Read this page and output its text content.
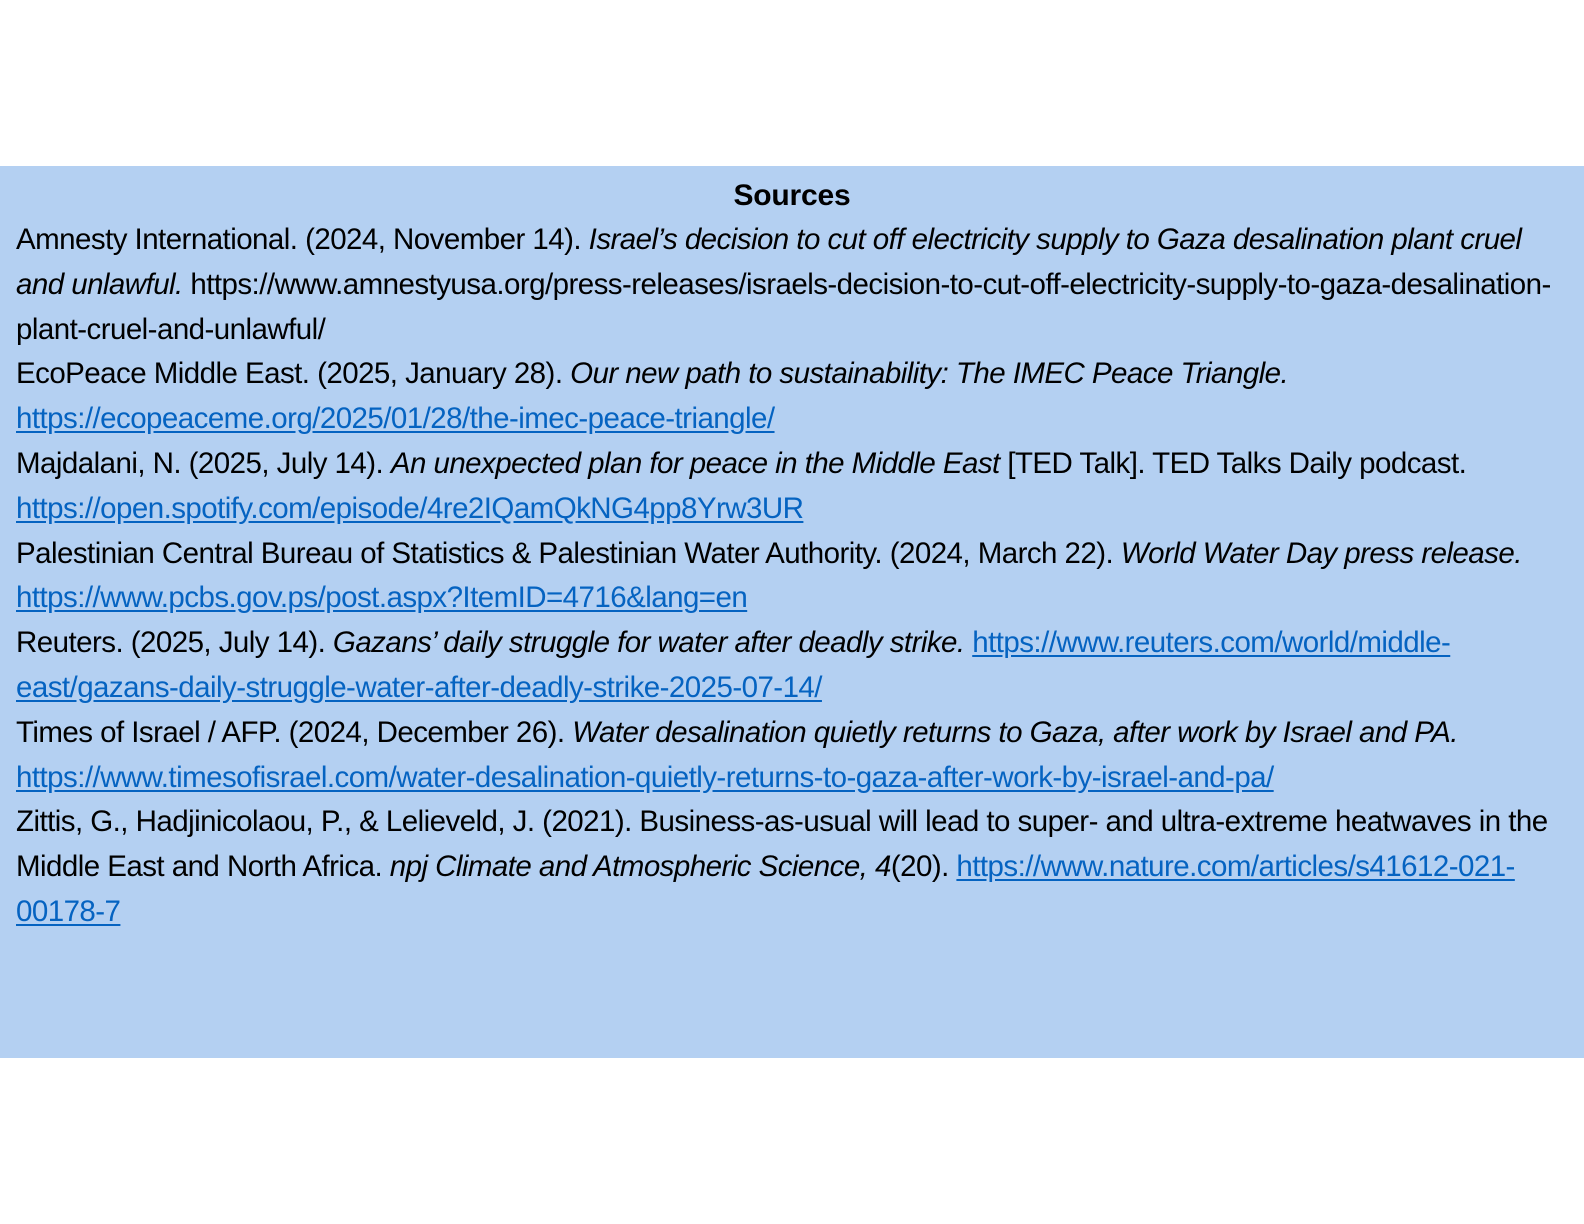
Sources
Amnesty International. (2024, November 14). Israel’s decision to cut off electricity supply to Gaza desalination plant cruel and unlawful. https://www.amnestyusa.org/press-releases/israels-decision-to-cut-off-electricity-supply-to-gaza-desalination-plant-cruel-and-unlawful/
EcoPeace Middle East. (2025, January 28). Our new path to sustainability: The IMEC Peace Triangle. https://ecopeaceme.org/2025/01/28/the-imec-peace-triangle/
Majdalani, N. (2025, July 14). An unexpected plan for peace in the Middle East [TED Talk]. TED Talks Daily podcast. https://open.spotify.com/episode/4re2IQamQkNG4pp8Yrw3UR
Palestinian Central Bureau of Statistics & Palestinian Water Authority. (2024, March 22). World Water Day press release. https://www.pcbs.gov.ps/post.aspx?ItemID=4716&lang=en
Reuters. (2025, July 14). Gazans’ daily struggle for water after deadly strike. https://www.reuters.com/world/middle-east/gazans-daily-struggle-water-after-deadly-strike-2025-07-14/
Times of Israel / AFP. (2024, December 26). Water desalination quietly returns to Gaza, after work by Israel and PA. https://www.timesofisrael.com/water-desalination-quietly-returns-to-gaza-after-work-by-israel-and-pa/
Zittis, G., Hadjinicolaou, P., & Lelieveld, J. (2021). Business-as-usual will lead to super- and ultra-extreme heatwaves in the Middle East and North Africa. npj Climate and Atmospheric Science, 4(20). https://www.nature.com/articles/s41612-021-00178-7
